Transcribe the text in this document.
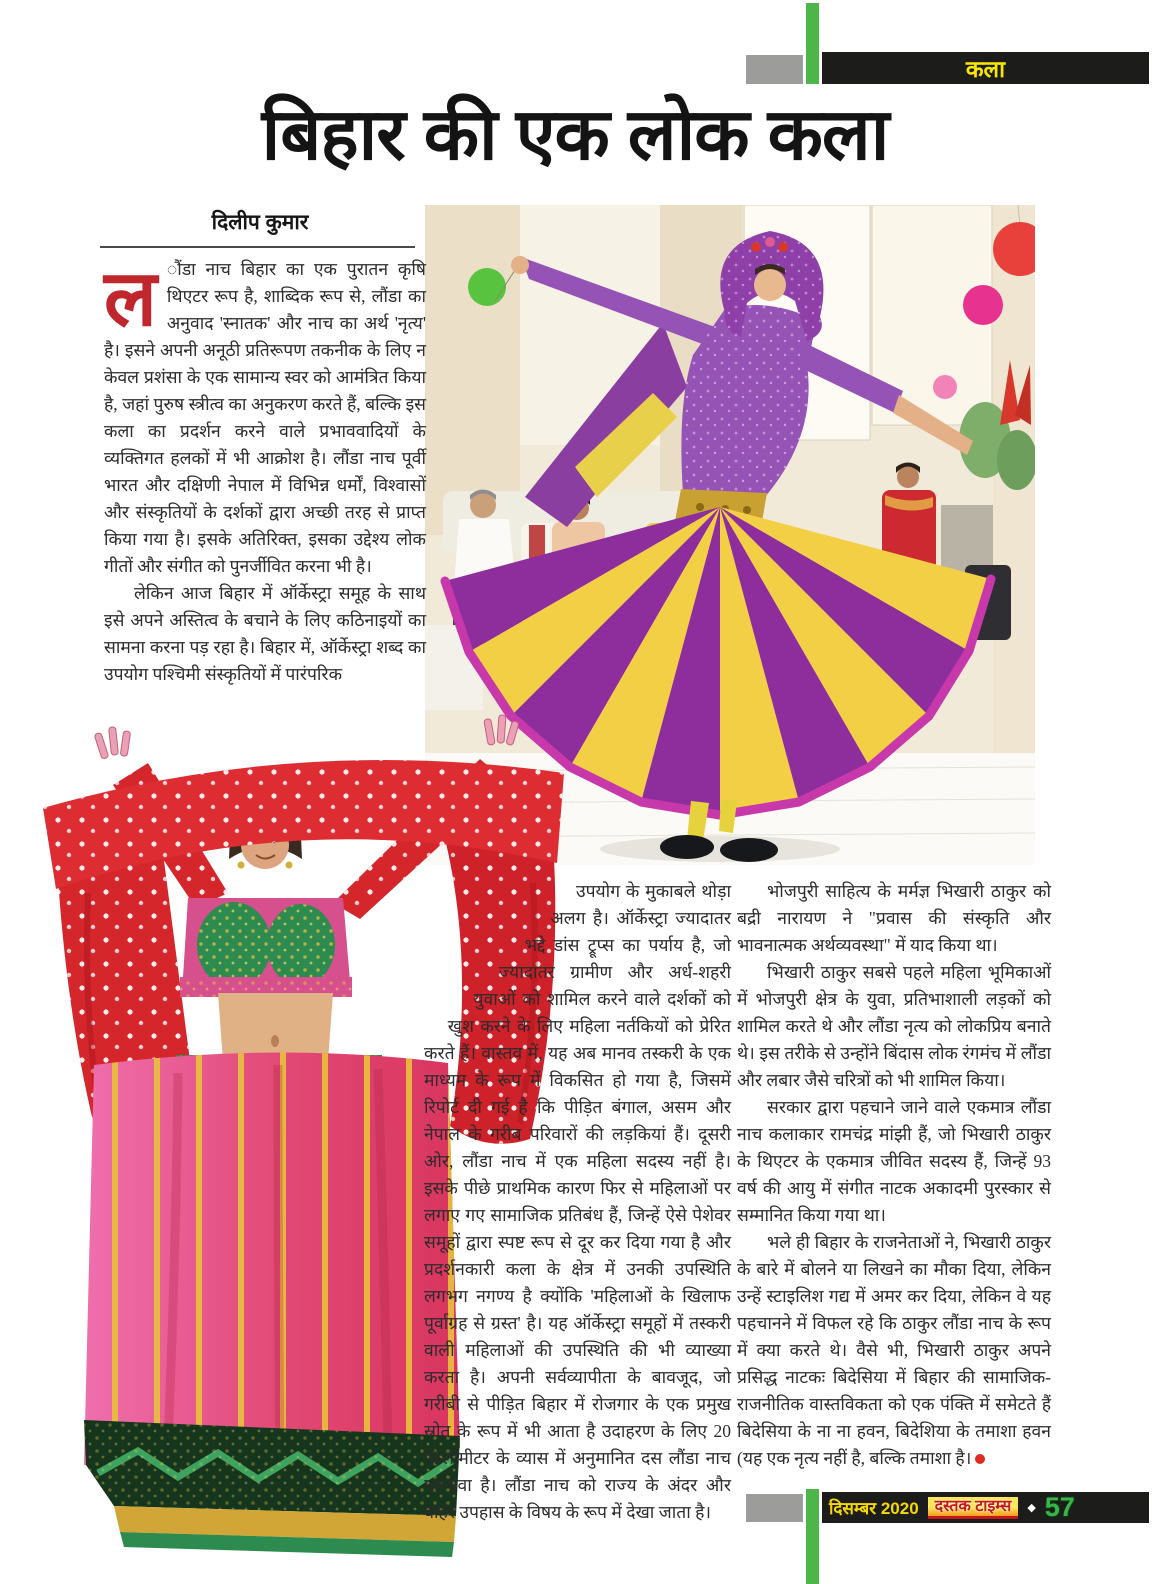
कला
बिहार की एक लोक कला
दिलीप कुमार

ल ौंडा नाच बिहार का एक पुरातन कृषि थिएटर रूप है, शाब्दिक रूप से, लौंडा का अनुवाद 'स्नातक' और नाच का अर्थ 'नृत्य' है। इसने अपनी अनूठी प्रतिरूपण तकनीक के लिए न केवल प्रशंसा के एक सामान्य स्वर को आमंत्रित किया है, जहां पुरुष स्त्रीत्व का अनुकरण करते हैं, बल्कि इस कला का प्रदर्शन करने वाले प्रभाववादियों के व्यक्तिगत हलकों में भी आक्रोश है। लौंडा नाच पूर्वी भारत और दक्षिणी नेपाल में विभिन्न धर्मों, विश्वासों और संस्कृतियों के दर्शकों द्वारा अच्छी तरह से प्राप्त किया गया है। इसके अतिरिक्त, इसका उद्देश्य लोक गीतों और संगीत को पुनर्जीवित करना भी है।

लेकिन आज बिहार में ऑर्केस्ट्रा समूह के साथ इसे अपने अस्तित्व के बचाने के लिए कठिनाइयों का सामना करना पड़ रहा है। बिहार में, ऑर्केस्ट्रा शब्द का उपयोग पश्चिमी संस्कृतियों में पारंपरिक

उपयोग के मुकाबले थोड़ा अलग है। ऑर्केस्ट्रा ज्यादातर भद्दे डांस ट्रूप्स का पर्याय है, जो ज्यादातर ग्रामीण और अर्ध-शहरी युवाओं को शामिल करने वाले दर्शकों को खुश करने के लिए महिला नर्तकियों को प्रेरित करते हैं। वास्तव में, यह अब मानव तस्करी के एक माध्यम के रूप में विकसित हो गया है, जिसमें रिपोर्ट दी गई है कि पीड़ित बंगाल, असम और नेपाल के गरीब परिवारों की लड़कियां हैं। दूसरी ओर, लौंडा नाच में एक महिला सदस्य नहीं है। इसके पीछे प्राथमिक कारण फिर से महिलाओं पर लगाए गए सामाजिक प्रतिबंध हैं, जिन्हें ऐसे पेशेवर समूहों द्वारा स्पष्ट रूप से दूर कर दिया गया है और प्रदर्शनकारी कला के क्षेत्र में उनकी उपस्थिति लगभग नगण्य है क्योंकि 'महिलाओं के खिलाफ पूर्वाग्रह से ग्रस्त' है। यह ऑर्केस्ट्रा समूहों में तस्करी वाली महिलाओं की उपस्थिति की भी व्याख्या करता है। अपनी सर्वव्यापीता के बावजूद, जो गरीबी से पीड़ित बिहार में रोजगार के एक प्रमुख स्रोत के रूप में भी आता है उदाहरण के लिए 20 किलोमीटर के व्यास में अनुमानित दस लौंडा नाच पहनावा है। लौंडा नाच को राज्य के अंदर और बाहर उपहास के विषय के रूप में देखा जाता है।

भोजपुरी साहित्य के मर्मज्ञ भिखारी ठाकुर को बद्री नारायण ने "प्रवास की संस्कृति और भावनात्मक अर्थव्यवस्था" में याद किया था।

भिखारी ठाकुर सबसे पहले महिला भूमिकाओं में भोजपुरी क्षेत्र के युवा, प्रतिभाशाली लड़कों को शामिल करते थे और लौंडा नृत्य को लोकप्रिय बनाते थे। इस तरीके से उन्होंने बिंदास लोक रंगमंच में लौंडा और लबार जैसे चरित्रों को भी शामिल किया।

सरकार द्वारा पहचाने जाने वाले एकमात्र लौंडा नाच कलाकार रामचंद्र मांझी हैं, जो भिखारी ठाकुर के थिएटर के एकमात्र जीवित सदस्य हैं, जिन्हें 93 वर्ष की आयु में संगीत नाटक अकादमी पुरस्कार से सम्मानित किया गया था।

भले ही बिहार के राजनेताओं ने, भिखारी ठाकुर के बारे में बोलने या लिखने का मौका दिया, लेकिन उन्हें स्टाइलिश गद्य में अमर कर दिया, लेकिन वे यह पहचानने में विफल रहे कि ठाकुर लौंडा नाच के रूप में क्या करते थे। वैसे भी, भिखारी ठाकुर अपने प्रसिद्ध नाटकः बिदेसिया में बिहार की सामाजिक-राजनीतिक वास्तविकता को एक पंक्ति में समेटते हैं बिदेसिया के ना ना हवन, बिदेशिया के तमाशा हवन (यह एक नृत्य नहीं है, बल्कि तमाशा है।

दिसम्बर 2020	दस्तक टाइम्स	◆ 57
